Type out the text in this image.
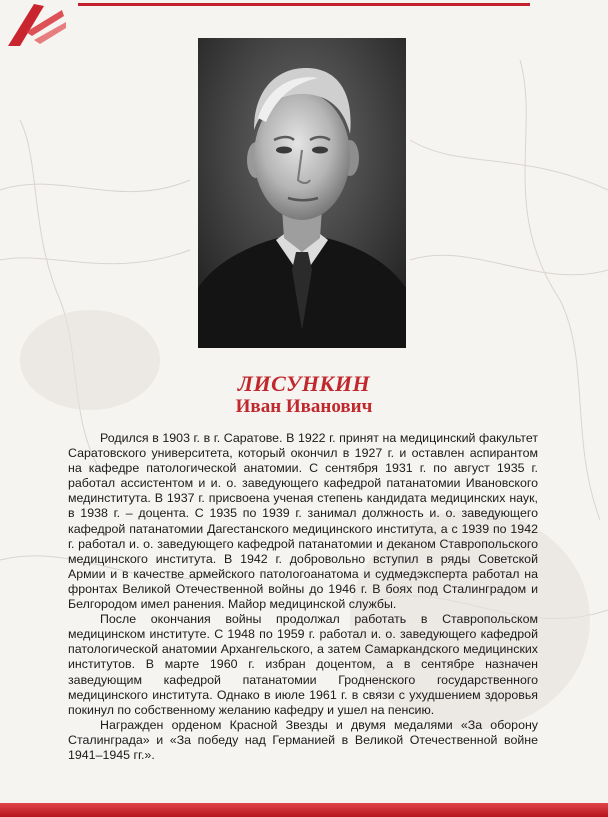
ЛИСУНКИН
Иван Иванович

Родился в 1903 г. в г. Саратове. В 1922 г. принят на медицинский факультет Саратовского университета, который окончил в 1927 г. и оставлен аспирантом на кафедре патологической анатомии. С сентября 1931 г. по август 1935 г. работал ассистентом и и. о. заведующего кафедрой патанатомии Ивановского мединститута. В 1937 г. присвоена ученая степень кандидата медицинских наук, в 1938 г. – доцента. С 1935 по 1939 г. занимал должность и. о. заведующего кафедрой патанатомии Дагестанского медицинского института, а с 1939 по 1942 г. работал и. о. заведующего кафедрой патанатомии и деканом Ставропольского медицинского института. В 1942 г. добровольно вступил в ряды Советской Армии и в качестве армейского патологоанатома и судмедэксперта работал на фронтах Великой Отечественной войны до 1946 г. В боях под Сталинградом и Белгородом имел ранения. Майор медицинской службы.

После окончания войны продолжал работать в Ставропольском медицинском институте. С 1948 по 1959 г. работал и. о. заведующего кафедрой патологической анатомии Архангельского, а затем Самаркандского медицинских институтов. В марте 1960 г. избран доцентом, а в сентябре назначен заведующим кафедрой патанатомии Гродненского государственного медицинского института. Однако в июле 1961 г. в связи с ухудшением здоровья покинул по собственному желанию кафедру и ушел на пенсию.

Награжден орденом Красной Звезды и двумя медалями «За оборону Сталинграда» и «За победу над Германией в Великой Отечественной войне 1941–1945 гг.».
